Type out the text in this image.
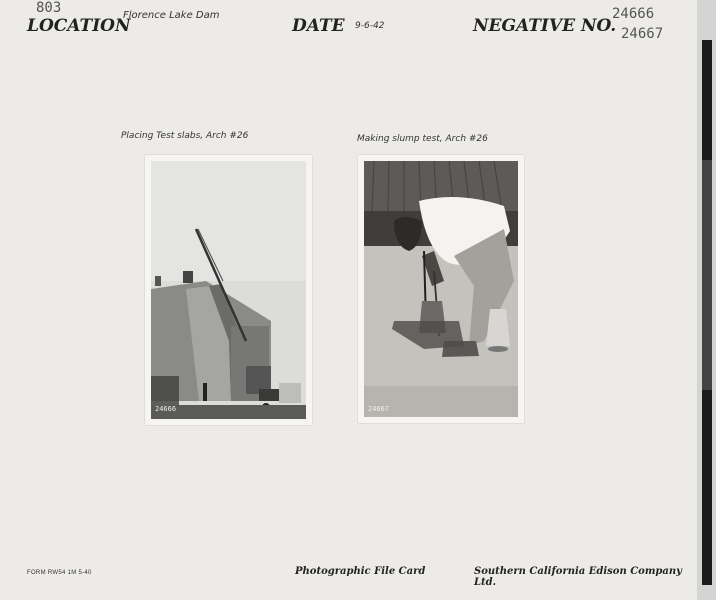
803
LOCATION
Florence Lake Dam
DATE 9-6-42	NEGATIVE NO.
24666
24667
Placing Test slabs, Arch #26
24666
Making slump test, Arch #26
24667
FORM RW54 1M 5-40	Photographic File Card	Southern California Edison Company Ltd.
